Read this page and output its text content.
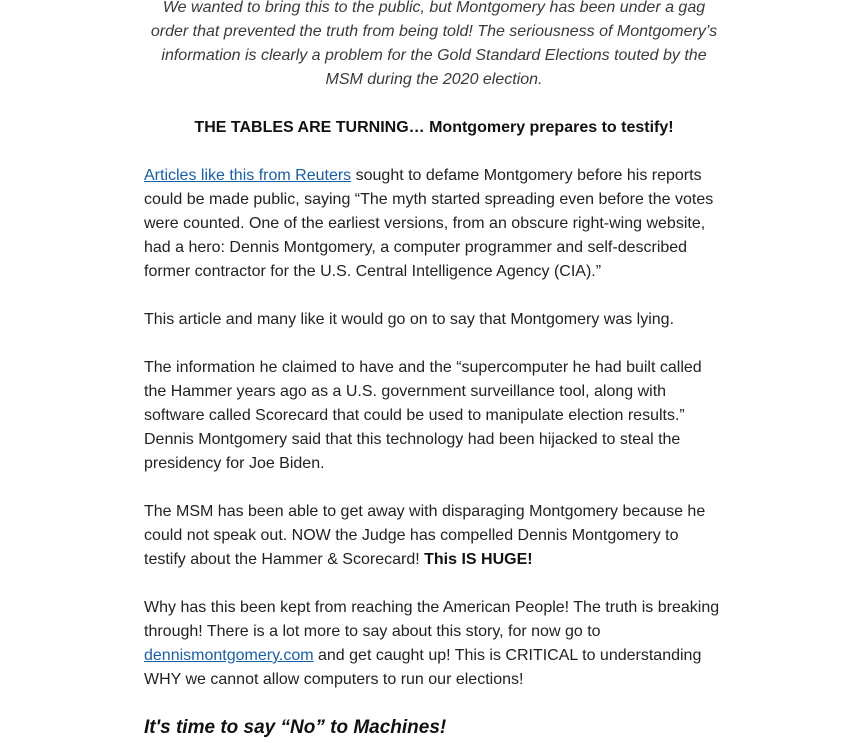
We wanted to bring this to the public, but Montgomery has been under a gag order that prevented the truth from being told! The seriousness of Montgomery’s information is clearly a problem for the Gold Standard Elections touted by the MSM during the 2020 election.

THE TABLES ARE TURNING… Montgomery prepares to testify!

Articles like this from Reuters sought to defame Montgomery before his reports could be made public, saying “The myth started spreading even before the votes were counted. One of the earliest versions, from an obscure right-wing website, had a hero: Dennis Montgomery, a computer programmer and self-described former contractor for the U.S. Central Intelligence Agency (CIA).”

This article and many like it would go on to say that Montgomery was lying.

The information he claimed to have and the “supercomputer he had built called the Hammer years ago as a U.S. government surveillance tool, along with software called Scorecard that could be used to manipulate election results.” Dennis Montgomery said that this technology had been hijacked to steal the presidency for Joe Biden.

The MSM has been able to get away with disparaging Montgomery because he could not speak out. NOW the Judge has compelled Dennis Montgomery to testify about the Hammer & Scorecard! This IS HUGE!

Why has this been kept from reaching the American People! The truth is breaking through! There is a lot more to say about this story, for now go to dennismontgomery.com and get caught up! This is CRITICAL to understanding WHY we cannot allow computers to run our elections!

It's time to say “No” to Machines!
